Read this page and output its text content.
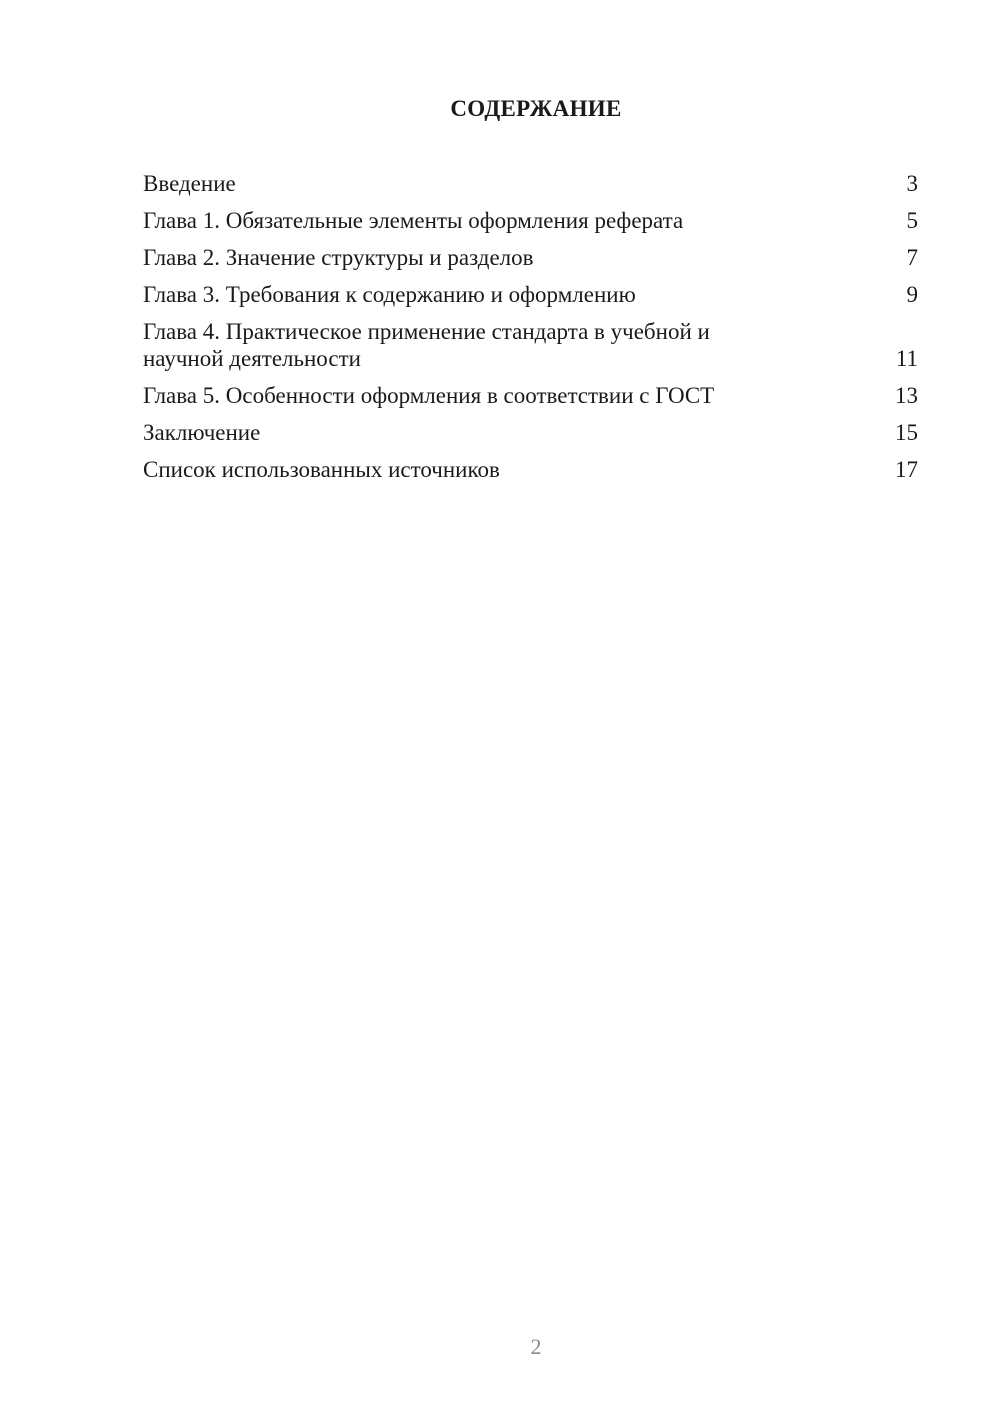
СОДЕРЖАНИЕ
Введение	3
Глава 1. Обязательные элементы оформления реферата	5
Глава 2. Значение структуры и разделов	7
Глава 3. Требования к содержанию и оформлению	9
Глава 4. Практическое применение стандарта в учебной и научной деятельности	11
Глава 5. Особенности оформления в соответствии с ГОСТ	13
Заключение	15
Список использованных источников	17
2
